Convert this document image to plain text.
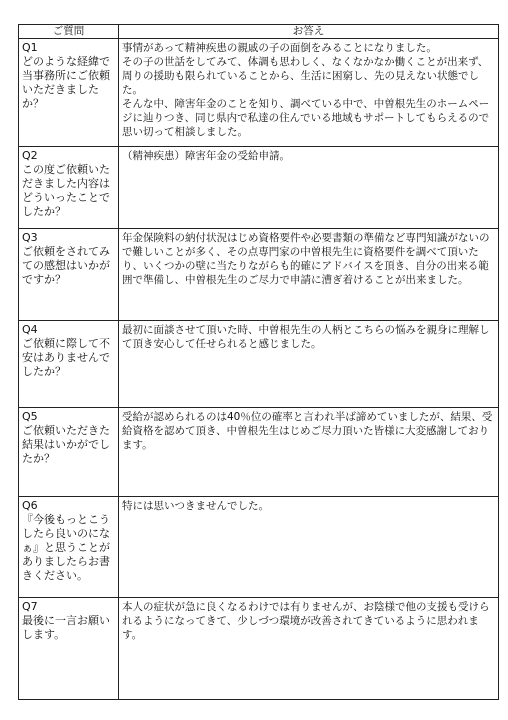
ご質問	お答え

Q1
どのような経緯で当事務所にご依頼いただきましたか？	事情があって精神疾患の親戚の子の面倒をみることになりました。
その子の世話をしてみて、体調も思わしく、なくなかなか働くことが出来ず、周りの援助も限られていることから、生活に困窮し、先の見えない状態でした。
そんな中、障害年金のことを知り、調べている中で、中曽根先生のホームページに辿りつき、同じ県内で私達の住んでいる地域もサポートしてもらえるので思い切って相談しました。

Q2
この度ご依頼いただきました内容はどういったことでしたか？	（精神疾患）障害年金の受給申請。

Q3
ご依頼をされてみての感想はいかがですか？	年金保険料の納付状況はじめ資格要件や必要書類の準備など専門知識がないので難しいことが多く、その点専門家の中曽根先生に資格要件を調べて頂いたり、いくつかの壁に当たりながらも的確にアドバイスを頂き、自分の出来る範囲で準備し、中曽根先生のご尽力で申請に漕ぎ着けることが出来ました。

Q4
ご依頼に際して不安はありませんでしたか？	最初に面談させて頂いた時、中曽根先生の人柄とこちらの悩みを親身に理解して頂き安心して任せられると感じました。

Q5
ご依頼いただきた結果はいかがでしたか？	受給が認められるのは40％位の確率と言われ半ば諦めていましたが、結果、受給資格を認めて頂き、中曽根先生はじめご尽力頂いた皆様に大変感謝しております。

Q6
『今後もっとこうしたら良いのになぁ』と思うことがありましたらお書きください。	特には思いつきませんでした。

Q7
最後に一言お願いします。	本人の症状が急に良くなるわけでは有りませんが、お陰様で他の支援も受けられるようになってきて、少しづつ環境が改善されてきているように思われます。
